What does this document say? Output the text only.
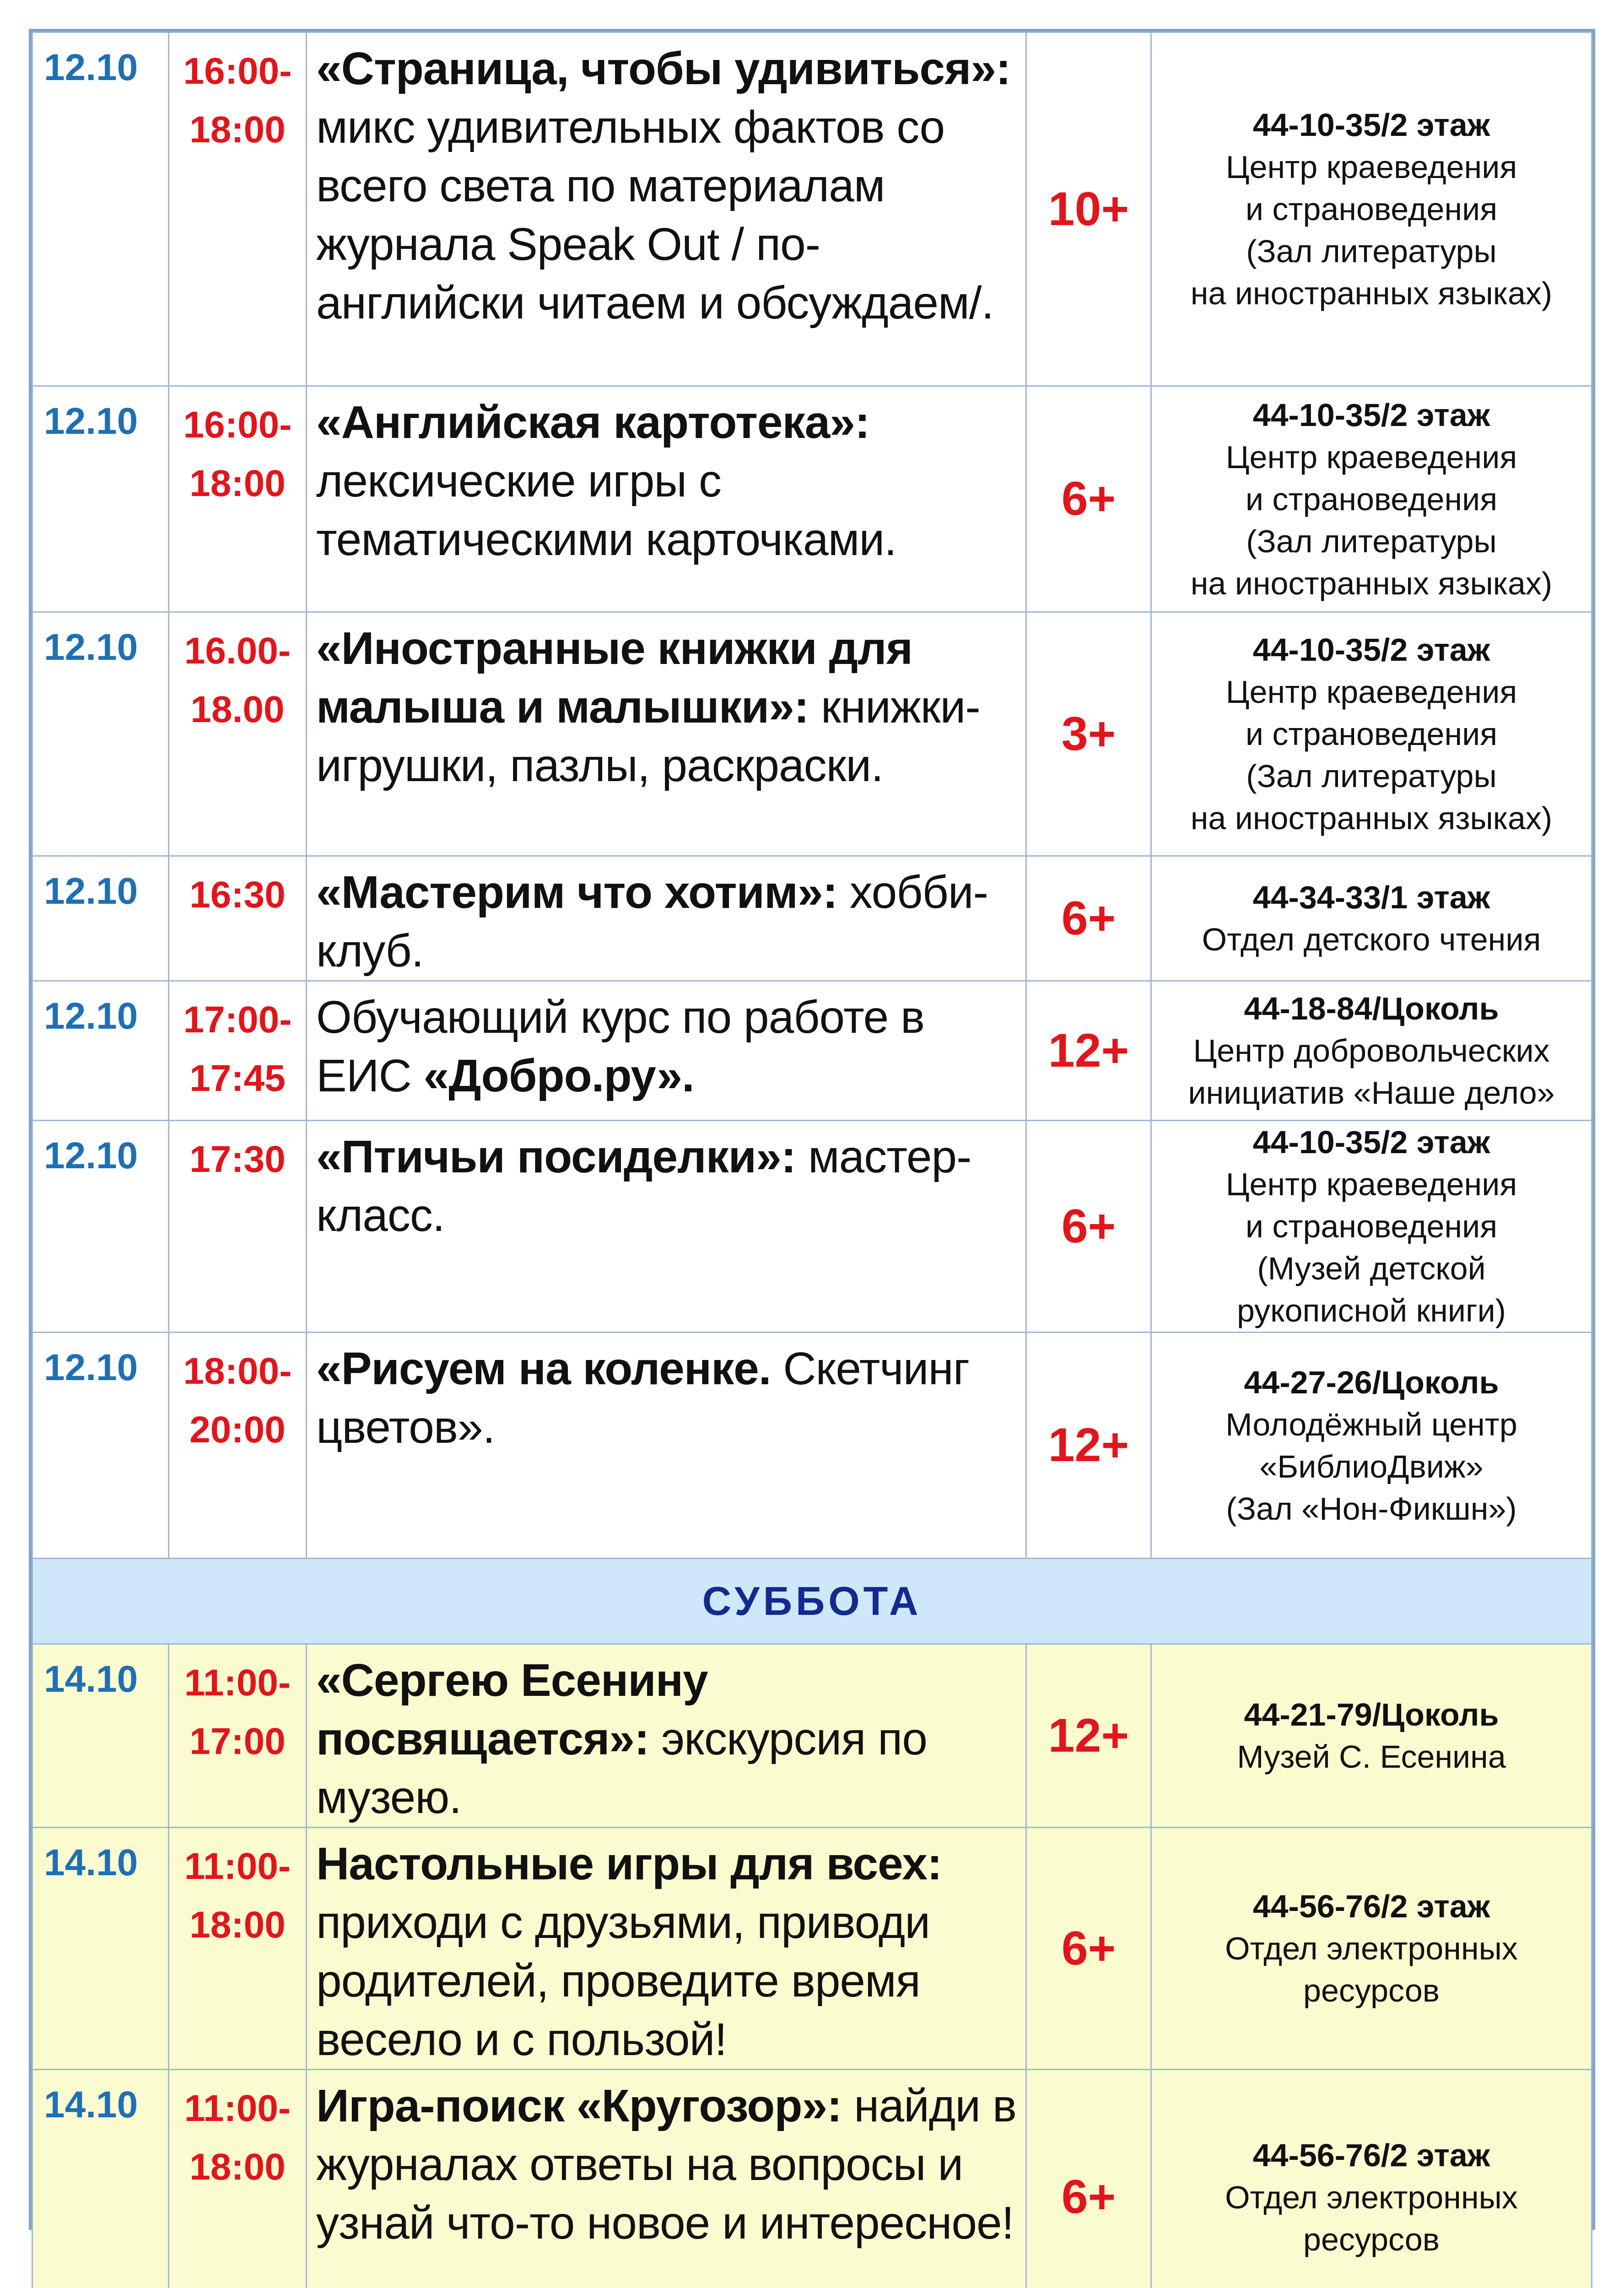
12.10	16:00-18:00	«Страница, чтобы удивиться»: микс удивительных фактов со всего света по материалам журнала Speak Out / по-английски читаем и обсуждаем/.	10+	44-10-35/2 этаж
Центр краеведения
и страноведения
(Зал литературы
на иностранных языках)

12.10	16:00-18:00	«Английская картотека»: лексические игры с тематическими карточками.	6+	44-10-35/2 этаж
Центр краеведения
и страноведения
(Зал литературы
на иностранных языках)

12.10	16.00-18.00	«Иностранные книжки для малыша и малышки»: книжки-игрушки, пазлы, раскраски.	3+	44-10-35/2 этаж
Центр краеведения
и страноведения
(Зал литературы
на иностранных языках)

12.10	16:30	«Мастерим что хотим»: хобби-клуб.	6+	44-34-33/1 этаж
Отдел детского чтения

12.10	17:00-17:45	Обучающий курс по работе в ЕИС «Добро.ру».	12+	44-18-84/Цоколь
Центр добровольческих
инициатив «Наше дело»

12.10	17:30	«Птичьи посиделки»: мастер-класс.	6+	44-10-35/2 этаж
Центр краеведения
и страноведения
(Музей детской
рукописной книги)

12.10	18:00-20:00	«Рисуем на коленке. Скетчинг цветов».	12+	44-27-26/Цоколь
Молодёжный центр
«БиблиоДвиж»
(Зал «Нон-Фикшн»)

СУББОТА				

14.10	11:00-17:00	«Сергею Есенину посвящается»: экскурсия по музею.	12+	44-21-79/Цоколь
Музей С. Есенина

14.10	11:00-18:00	Настольные игры для всех: приходи с друзьями, приводи родителей, проведите время весело и с пользой!	6+	44-56-76/2 этаж
Отдел электронных
ресурсов

14.10	11:00-18:00	Игра-поиск «Кругозор»: найди в журналах ответы на вопросы и узнай что-то новое и интересное!	6+	44-56-76/2 этаж
Отдел электронных
ресурсов
